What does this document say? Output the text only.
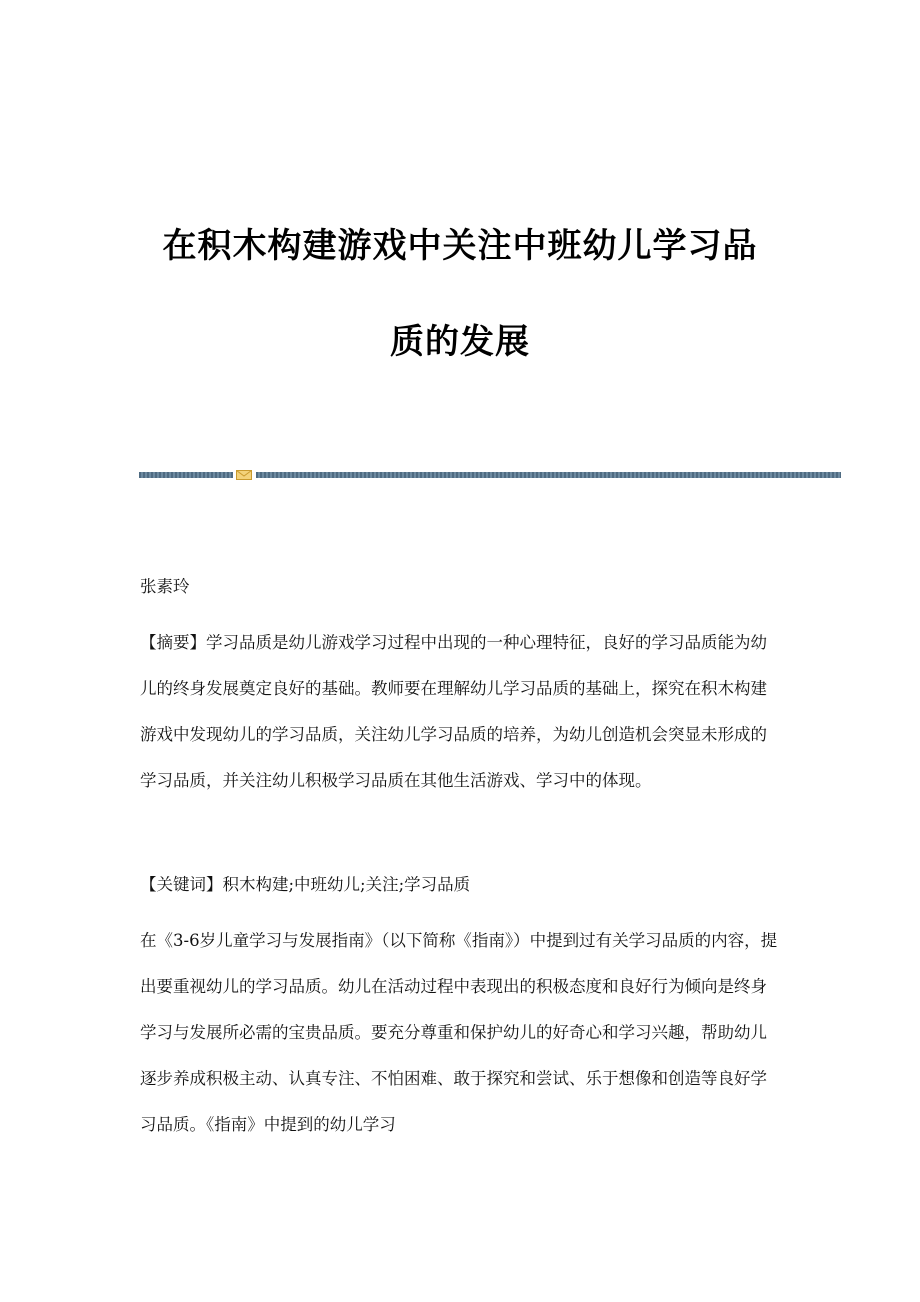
在积木构建游戏中关注中班幼儿学习品
质的发展

张素玲

【摘要】学习品质是幼儿游戏学习过程中出现的一种心理特征，良好的学习品质能为幼儿的终身发展奠定良好的基础。教师要在理解幼儿学习品质的基础上，探究在积木构建游戏中发现幼儿的学习品质，关注幼儿学习品质的培养，为幼儿创造机会突显未形成的学习品质，并关注幼儿积极学习品质在其他生活游戏、学习中的体现。

【关键词】积木构建;中班幼儿;关注;学习品质

在《3-6岁儿童学习与发展指南》（以下简称《指南》）中提到过有关学习品质的内容，提出要重视幼儿的学习品质。幼儿在活动过程中表现出的积极态度和良好行为倾向是终身学习与发展所必需的宝贵品质。要充分尊重和保护幼儿的好奇心和学习兴趣，帮助幼儿逐步养成积极主动、认真专注、不怕困难、敢于探究和尝试、乐于想像和创造等良好学习品质。《指南》中提到的幼儿学习
